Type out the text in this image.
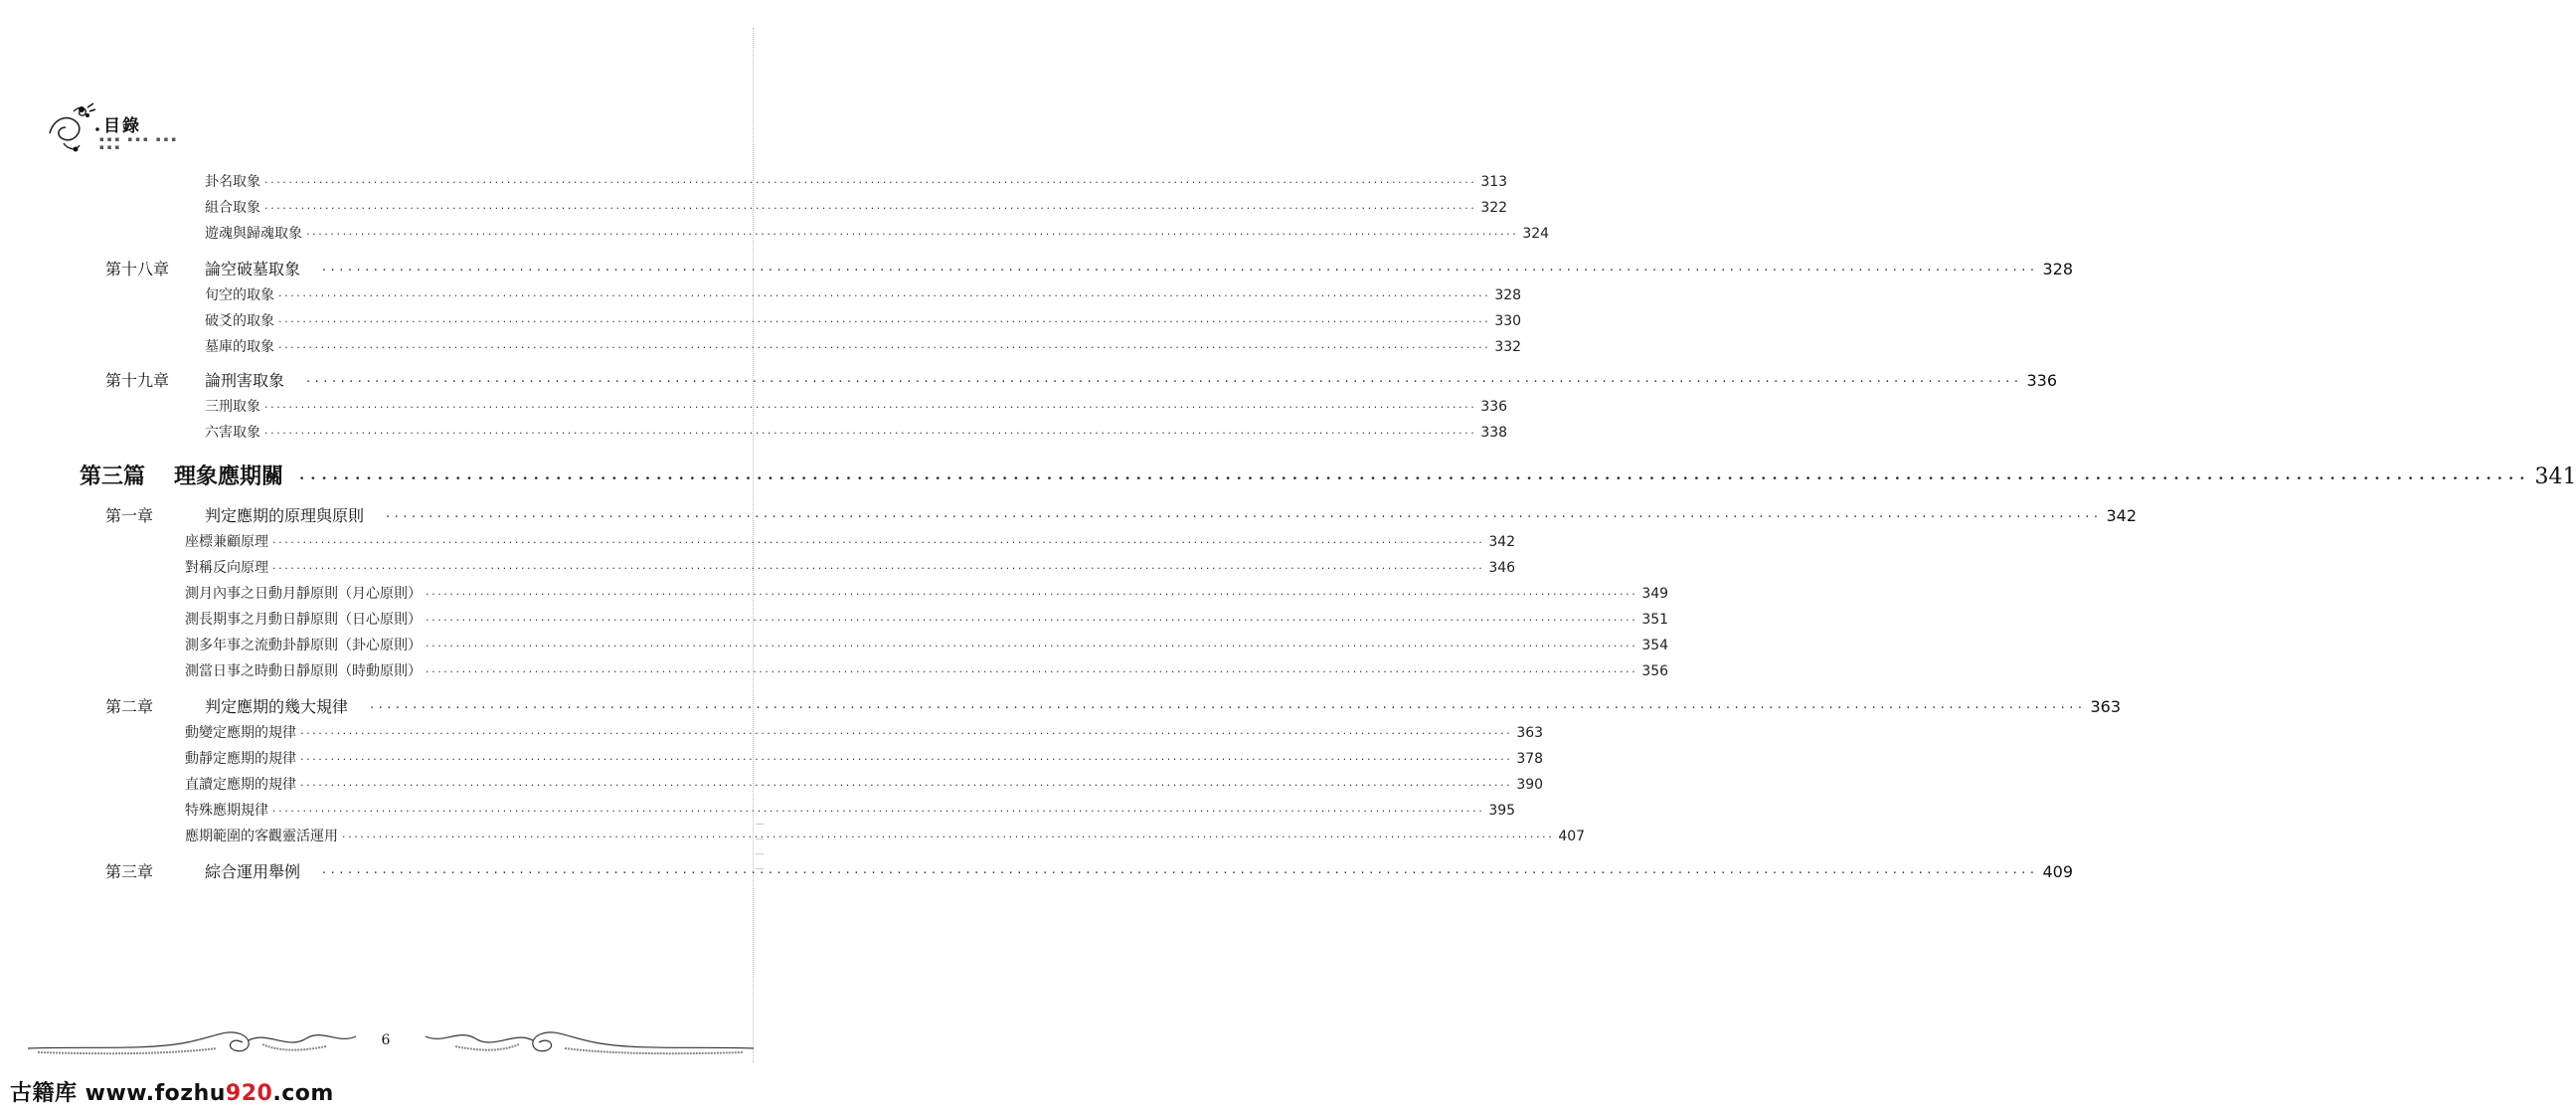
目錄
▪▪▪ ▪▪▪ ▪▪▪ ▪▪▪
卦名取象 ········································································································································································································ 313
組合取象 ········································································································································································································ 322
遊魂與歸魂取象 ········································································································································································································ 324
第十八章 論空破墓取象 ········································································································································································································ 328
旬空的取象 ········································································································································································································ 328
破爻的取象 ········································································································································································································ 330
墓庫的取象 ········································································································································································································ 332
第十九章 論刑害取象 ········································································································································································································ 336
三刑取象 ········································································································································································································ 336
六害取象 ········································································································································································································ 338
第三篇 理象應期關 ········································································································································································································ 341
第一章	判定應期的原理與原則 ········································································································································································································ 342
座標兼顧原理 ········································································································································································································ 342
對稱反向原理 ········································································································································································································ 346
測月內事之日動月靜原則（月心原則） ········································································································································································································ 349
測長期事之月動日靜原則（日心原則） ········································································································································································································ 351
測多年事之流動卦靜原則（卦心原則） ········································································································································································································ 354
測當日事之時動日靜原則（時動原則） ········································································································································································································ 356
第二章	判定應期的幾大規律 ········································································································································································································ 363
動變定應期的規律 ········································································································································································································ 363
動靜定應期的規律 ········································································································································································································ 378
直讀定應期的規律 ········································································································································································································ 390
特殊應期規律 ········································································································································································································ 395
應期範圍的客觀靈活運用 ········································································································································································································ 407
第三章	綜合運用舉例 ········································································································································································································ 409
6
古籍库 www.fozhu920.com
